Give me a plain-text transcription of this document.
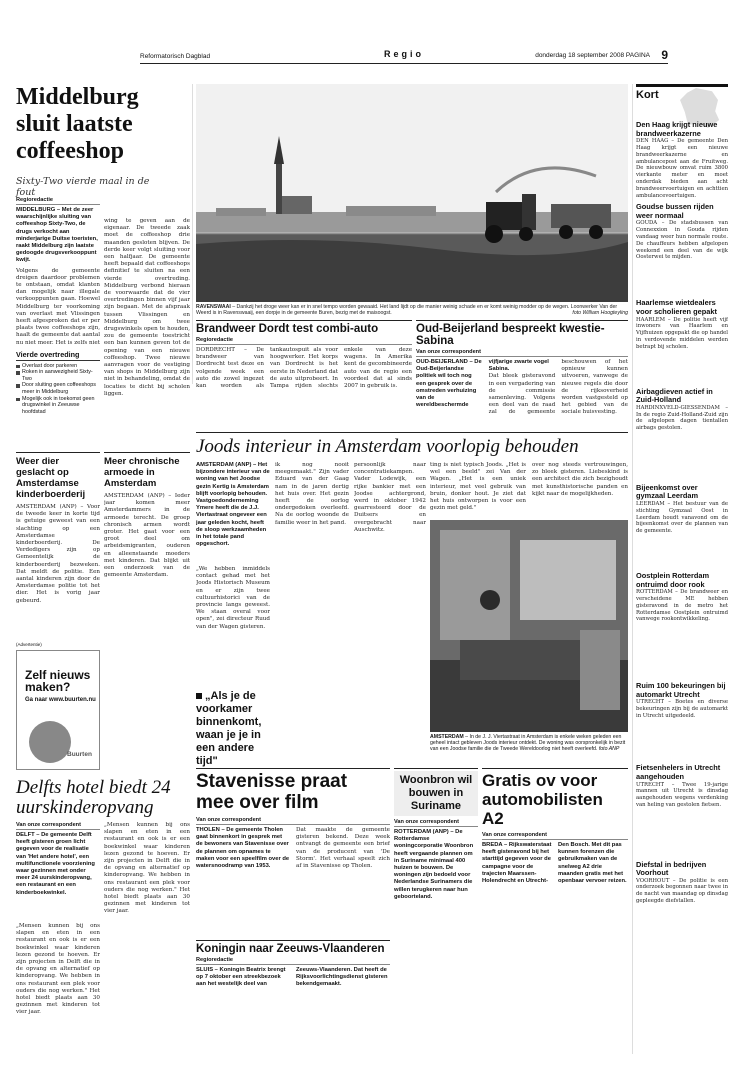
Reformatorisch Dagblad	Regio	donderdag 18 september 2008 PAGINA 9
Middelburg sluit laatste coffeeshop
Sixty-Two vierde maal in de fout
Regioredactie

MIDDELBURG – Met de zeer waarschijnlijke sluiting van coffeeshop Sixty-Two, de drugs verkocht aan minderjarige Duitse toeristen, raakt Middelburg zijn laatste gedoogde drugsverkooppunt kwijt.

Volgens de gemeente dreigen daardoor problemen te ontstaan, omdat klanten dan mogelijk naar illegale verkooppunten gaan. Hoewel Middelburg ter voorkoming van overlast met Vlissingen heeft afgesproken dat er per plaats twee coffeeshops zijn, haalt de gemeente dat aantal nu niet meer. Het is zelfs niet

Vierde overtreding
Overlast door parkeren
Roken in aanwezigheid Sixty-Two
Door sluiting geen coffeeshops meer in Middelburg
Mogelijk ook in toekomst geen drugswinkel in Zeeuwse hoofdstad

wing te geven aan de eigenaar. De tweede zaak moet de coffeeshop drie maanden gesloten blijven. De derde keer volgt sluiting voor een halfjaar. De gemeente heeft bepaald dat coffeeshops definitief te sluiten na een vierde overtreding. Middelburg verbond hieraan de voorwaarde dat de vier overtredingen binnen vijf jaar zijn begaan. Met de afspraak tussen Vlissingen en Middelburg om twee drugswinkels open te houden, zou de gemeente toestricht een ban kunnen geven tot de opening van een nieuwe coffeeshop. Twee nieuwe aanvragen voor de vestiging van shops in Middelburg zijn niet in behandeling, omdat de locaties te dicht bij scholen liggen.

Weer dier geslacht op Amsterdamse kinderboerderij

AMSTERDAM (ANP) – Voor de tweede keer in korte tijd is getuige geweest van een slachting op een Amsterdamse kinderboerderij. De Verdedigers zijn op Gemeentelijk de kinderboerderij bezweken. Dat meldt de politie. Een aantal kinderen zijn door de Amsterdamse politie tot het dier. Het is vorig jaar gebeurd.

Meer chronische armoede in Amsterdam

AMSTERDAM (ANP) – Ieder jaar komen meer Amsterdammers in de armoede terecht. De groep chronisch armen wordt groter. Het gaat voor een groot deel om arbeidsmigranten, ouderen en alleenstaande moeders met kinderen. Dat blijkt uit een onderzoek van de gemeente Amsterdam.

(Advertentie)
Zelf nieuws maken?
Ga naar www.buurten.nu
Buurten
Delfts hotel biedt 24 uurskinderopvang
Van onze correspondent

DELFT – De gemeente Delft heeft gisteren groen licht gegeven voor de realisatie van 'Het andere hotel', een multifunctionele voorziening waar gezinnen met onder meer 24 uurskinderopvang, een restaurant en een kinderboekwinkel.

„Mensen kunnen bij ons slapen en eten in een restaurant en ook is er een boekwinkel waar kinderen lezen gezond te hoeven. Er zijn projecten in Delft die in de opvang en alternatief op kinderopvang. We hebben in ons restaurant een plek voor ouders die nog werken." Het hotel biedt plaats aan 30 gezinnen met kinderen tot vier jaar.

„Mensen kunnen bij ons slapen en eten in een restaurant en ook is er een boekwinkel waar kinderen lezen gezond te hoeven. Er zijn projecten in Delft die in de opvang en alternatief op kinderopvang. We hebben in ons restaurant een plek voor ouders die nog werken." Het hotel biedt plaats aan 30 gezinnen met kinderen tot vier jaar.

RAVENSWAAI – Dankzij het droge weer kan er in snel tempo worden gewaaid. Het land lijdt op die manier weinig schade en er komt weinig modder op de wegen. Loonwerker Van der Weerd is in Ravenswaaij, een dorpje in de gemeente Buren, bezig met de maisoogst.	foto William Hoogteyling
Brandweer Dordt test combi-auto
Regioredactie

DORDRECHT – De brandweer van Dordrecht test deze en volgende week een auto die zowel ingezet kan worden als tankautospuit als voor hoogwerker. Het korps van Dordrecht is het eerste in Nederland dat de auto uitprobeert. In Tampa rijden slechts enkele van deze wagens. In Amerika kent de gecombineerde auto van de regio een voordeel dat al sinds 2007 in gebruik is.

Oud-Beijerland bespreekt kwestie-Sabina
Van onze correspondent

OUD-BEIJERLAND – De Oud-Beijerlandse politiek wil toch nog een gesprek over de omstreden verhuizing van de wereldbeschermde vijfjarige zwarte vogel Sabina.

Dat bleek gisteravond in een vergadering van de commissie samenleving. Volgens een deel van de raad zal de gemeente beschouwen of het opnieuw kunnen uitvoeren, vanwege de nieuwe regels die door de rijksoverheid worden vastgesteld op het gebied van de sociale huisvesting.

Joods interieur in Amsterdam voorlopig behouden

AMSTERDAM (ANP) – Het bijzondere interieur van de woning van het Joodse gezin Kertig is Amsterdam blijft voorlopig behouden. Vastgoedonderneming Ymere heeft die de J.J. Viertastraat ongeveer een jaar geleden kocht, heeft de sloop werkzaamheden in het totale pand opgeschort.

„We hebben inmiddels contact gehad met het Joods Historisch Museum en er zijn twee cultuurhistorici van de provincie langs geweest. We staan overal voor open", zei directeur Ruud van der Wagen gisteren.

„Als je de voorkamer binnenkomt, waan je je in een andere tijd"

ik nog nooit meegemaakt." Zijn vader Eduard van der Gaag nam in de jaren dertig het huis over. Het gezin heeft de oorlog ondergedoken overleefd. Na de oorlog woonde de familie weer in het pand.

persoonlijk naar concentratiekampen. Vader Lodewijk, een rijke bankier met een Joodse achtergrond, werd in oktober 1942 gearresteerd door de Duitsers en overgebracht naar Auschwitz.

ting is niet typisch Joods. „Het is wel een beeld" zei Van der Wagen. „Het is een uniek interieur, met veel gebruik van bruin, donker hout. Je ziet dat het huis ontworpen is voor een gezin met geld."

over nog steeds vertrouwingen, zo bleek gisteren. Liebeskind is een architect die zich bezighoudt met kunsthistorische panden en kijkt naar de mogelijkheden.

AMSTERDAM – In de J. J. Viertastraat in Amsterdam is enkele weken geleden een geheel intact gebleven Joods interieur ontdekt. De woning was oorspronkelijk in bezit van een Joodse familie die de Tweede Wereldoorlog niet heeft overleefd. foto ANP
Stavenisse praat mee over film
Van onze correspondent

THOLEN – De gemeente Tholen gaat binnenkort in gesprek met de bewoners van Stavenisse over de plannen om opnames te maken voor een speelfilm over de watersnoodramp van 1953.

Dat maakte de gemeente gisteren bekend. Deze week ontvangt de gemeente een brief van de producent van 'De Storm'. Het verhaal speelt zich af in Stavenisse op Tholen.

Koningin naar Zeeuws-Vlaanderen
Regioredactie

SLUIS – Koningin Beatrix brengt op 7 oktober een streekbezoek aan het westelijk deel van Zeeuws-Vlaanderen. Dat heeft de Rijksvoorlichtingsdienst gisteren bekendgemaakt.

Woonbron wil bouwen in Suriname
Van onze correspondent

ROTTERDAM (ANP) – De Rotterdamse woningcorporatie Woonbron heeft vergaande plannen om in Suriname minimaal 400 huizen te bouwen. De woningen zijn bedoeld voor Nederlandse Surinamers die willen terugkeren naar hun geboorteland.

Gratis ov voor automobilisten A2
Van onze correspondent

BREDA – Rijkswaterstaat heeft gisteravond bij het starttijd gegeven voor de campagne voor de trajecten Maarssen-Holendrecht en Utrecht-Den Bosch. Met dit pas kunnen forenzen die gebruikmaken van de snelweg A2 drie maanden gratis met het openbaar vervoer reizen.

Kort
Den Haag krijgt nieuwe brandweerkazerne

DEN HAAG – De gemeente Den Haag krijgt een nieuwe brandweerkazerne en ambulancepost aan de Fruitweg. De nieuwbouw omvat ruim 3800 vierkante meter en moet onderdak bieden aan acht brandweervoertuigen en achttien ambulancevoertuigen.

Goudse bussen rijden weer normaal

GOUDA – De stadsbussen van Connexxion in Gouda rijden vandaag weer hun normale route. De chauffeurs hebben afgelopen weekend een deel van de wijk Oosterwei te mijden.

Haarlemse wietdealers voor scholieren gepakt

HAARLEM – De politie heeft vijf inwoners van Haarlem en Vijfhuizen opgepakt die op handel in verdovende middelen werden betrapt bij scholen.

Airbagdieven actief in Zuid-Holland

HARDINXVELD-GIESSENDAM – In de regio Zuid-Holland-Zuid zijn de afgelopen dagen tientallen airbags gestolen.

Bijeenkomst over gymzaal Leerdam

LEERDAM – Het bestuur van de stichting Gymzaal Oost in Leerdam houdt vanavond om de bijeenkomst over de plannen van de gemeente.

Oostplein Rotterdam ontruimd door rook

ROTTERDAM – De brandweer en verscheidene ME hebben gisteravond in de metro het Rotterdamse Oostplein ontruimd vanwege rookontwikkeling.

Ruim 100 bekeuringen bij automarkt Utrecht

UTRECHT – Boetes en diverse bekeuringen zijn bij de automarkt in Utrecht uitgedeeld.

Fietsenhelers in Utrecht aangehouden

UTRECHT – Twee 19-jarige mannen uit Utrecht is dinsdag aangehouden wegens verdenking van heling van gestolen fietsen.

Diefstal in bedrijven Voorhout

VOORHOUT – De politie is een onderzoek begonnen naar twee in de nacht van maandag op dinsdag gepleegde diefstallen.
